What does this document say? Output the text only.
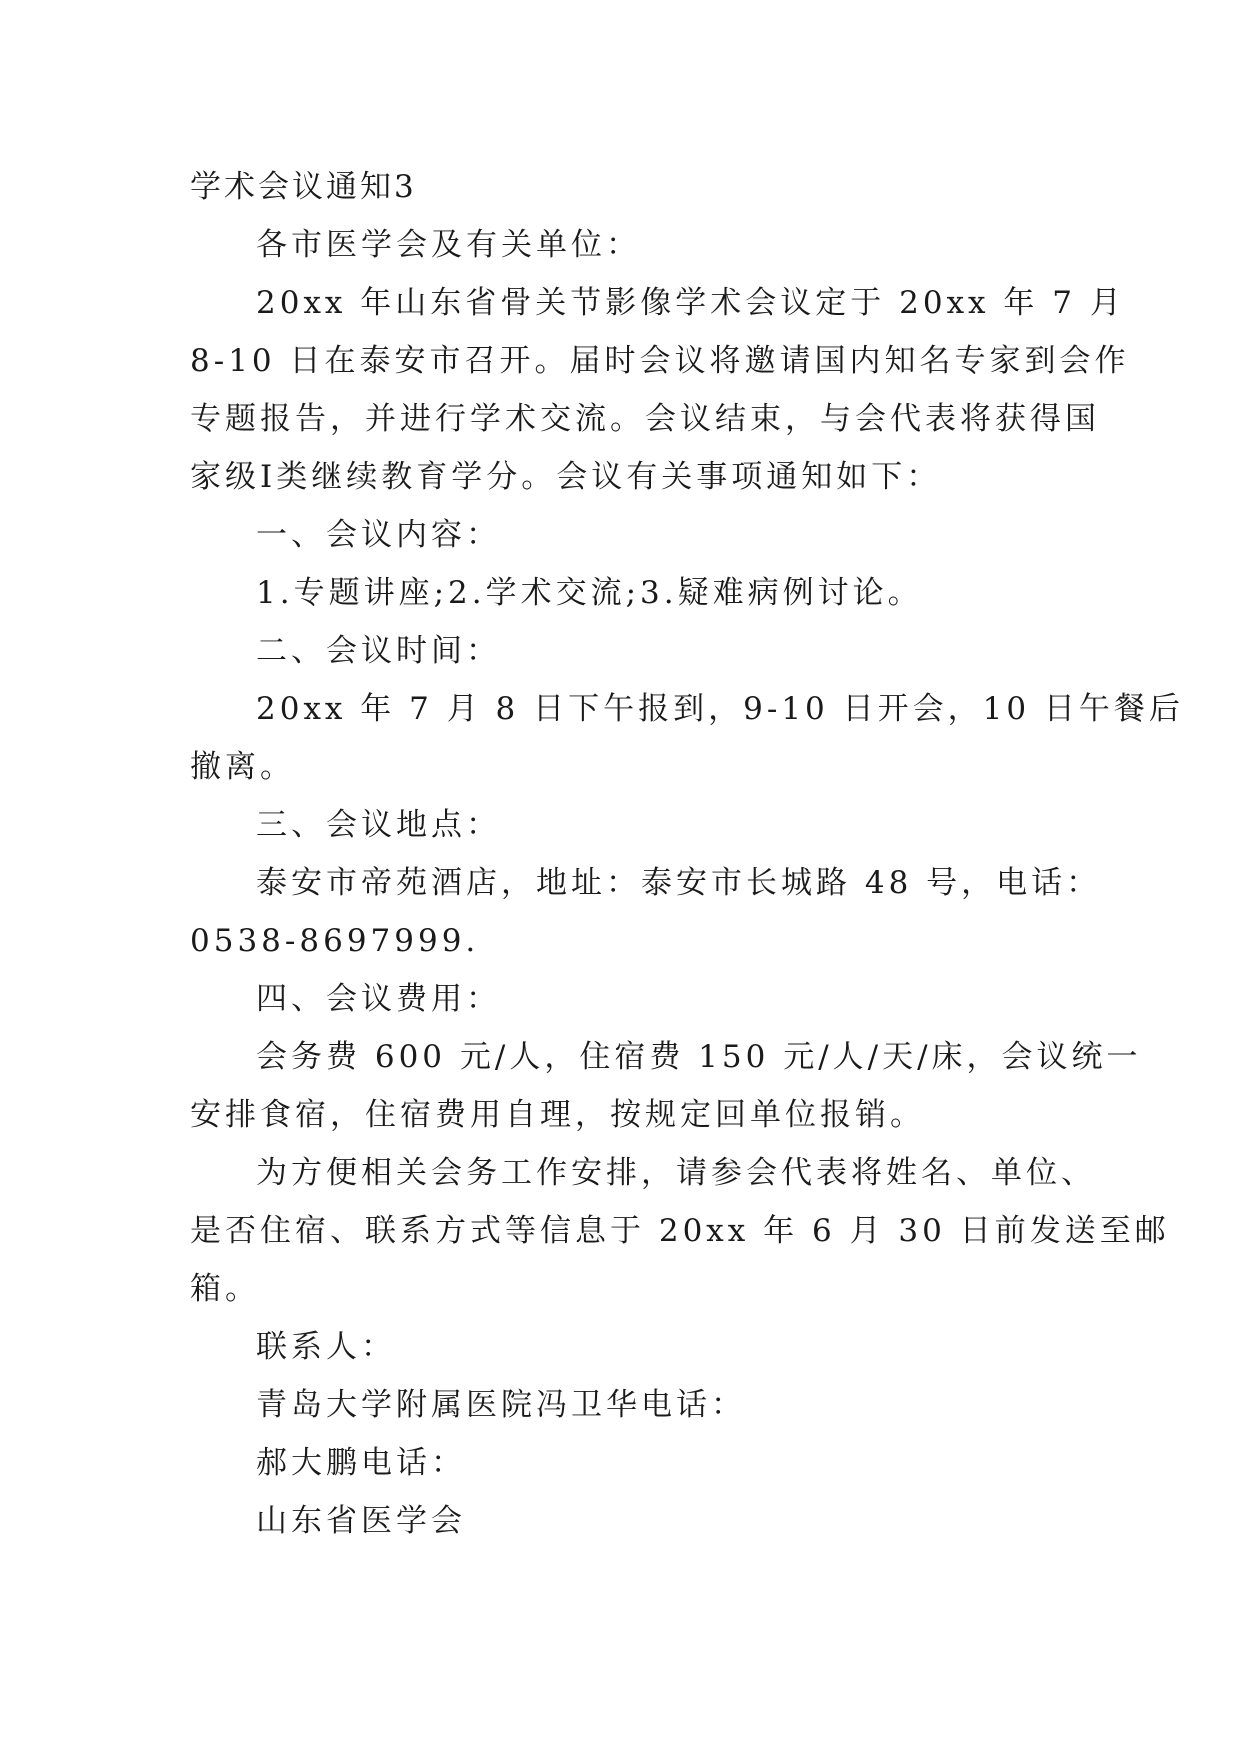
学术会议通知3

各市医学会及有关单位：

20xx 年山东省骨关节影像学术会议定于 20xx 年 7 月

8-10 日在泰安市召开。届时会议将邀请国内知名专家到会作

专题报告，并进行学术交流。会议结束，与会代表将获得国

家级Ⅰ类继续教育学分。会议有关事项通知如下：

一、会议内容：

1.专题讲座;2.学术交流;3.疑难病例讨论。

二、会议时间：

20xx 年 7 月 8 日下午报到，9-10 日开会，10 日午餐后

撤离。

三、会议地点：

泰安市帝苑酒店，地址：泰安市长城路 48 号，电话：

0538-8697999.

四、会议费用：

会务费 600 元/人，住宿费 150 元/人/天/床，会议统一

安排食宿，住宿费用自理，按规定回单位报销。

为方便相关会务工作安排，请参会代表将姓名、单位、

是否住宿、联系方式等信息于 20xx 年 6 月 30 日前发送至邮

箱。

联系人：

青岛大学附属医院冯卫华电话：

郝大鹏电话：

山东省医学会
